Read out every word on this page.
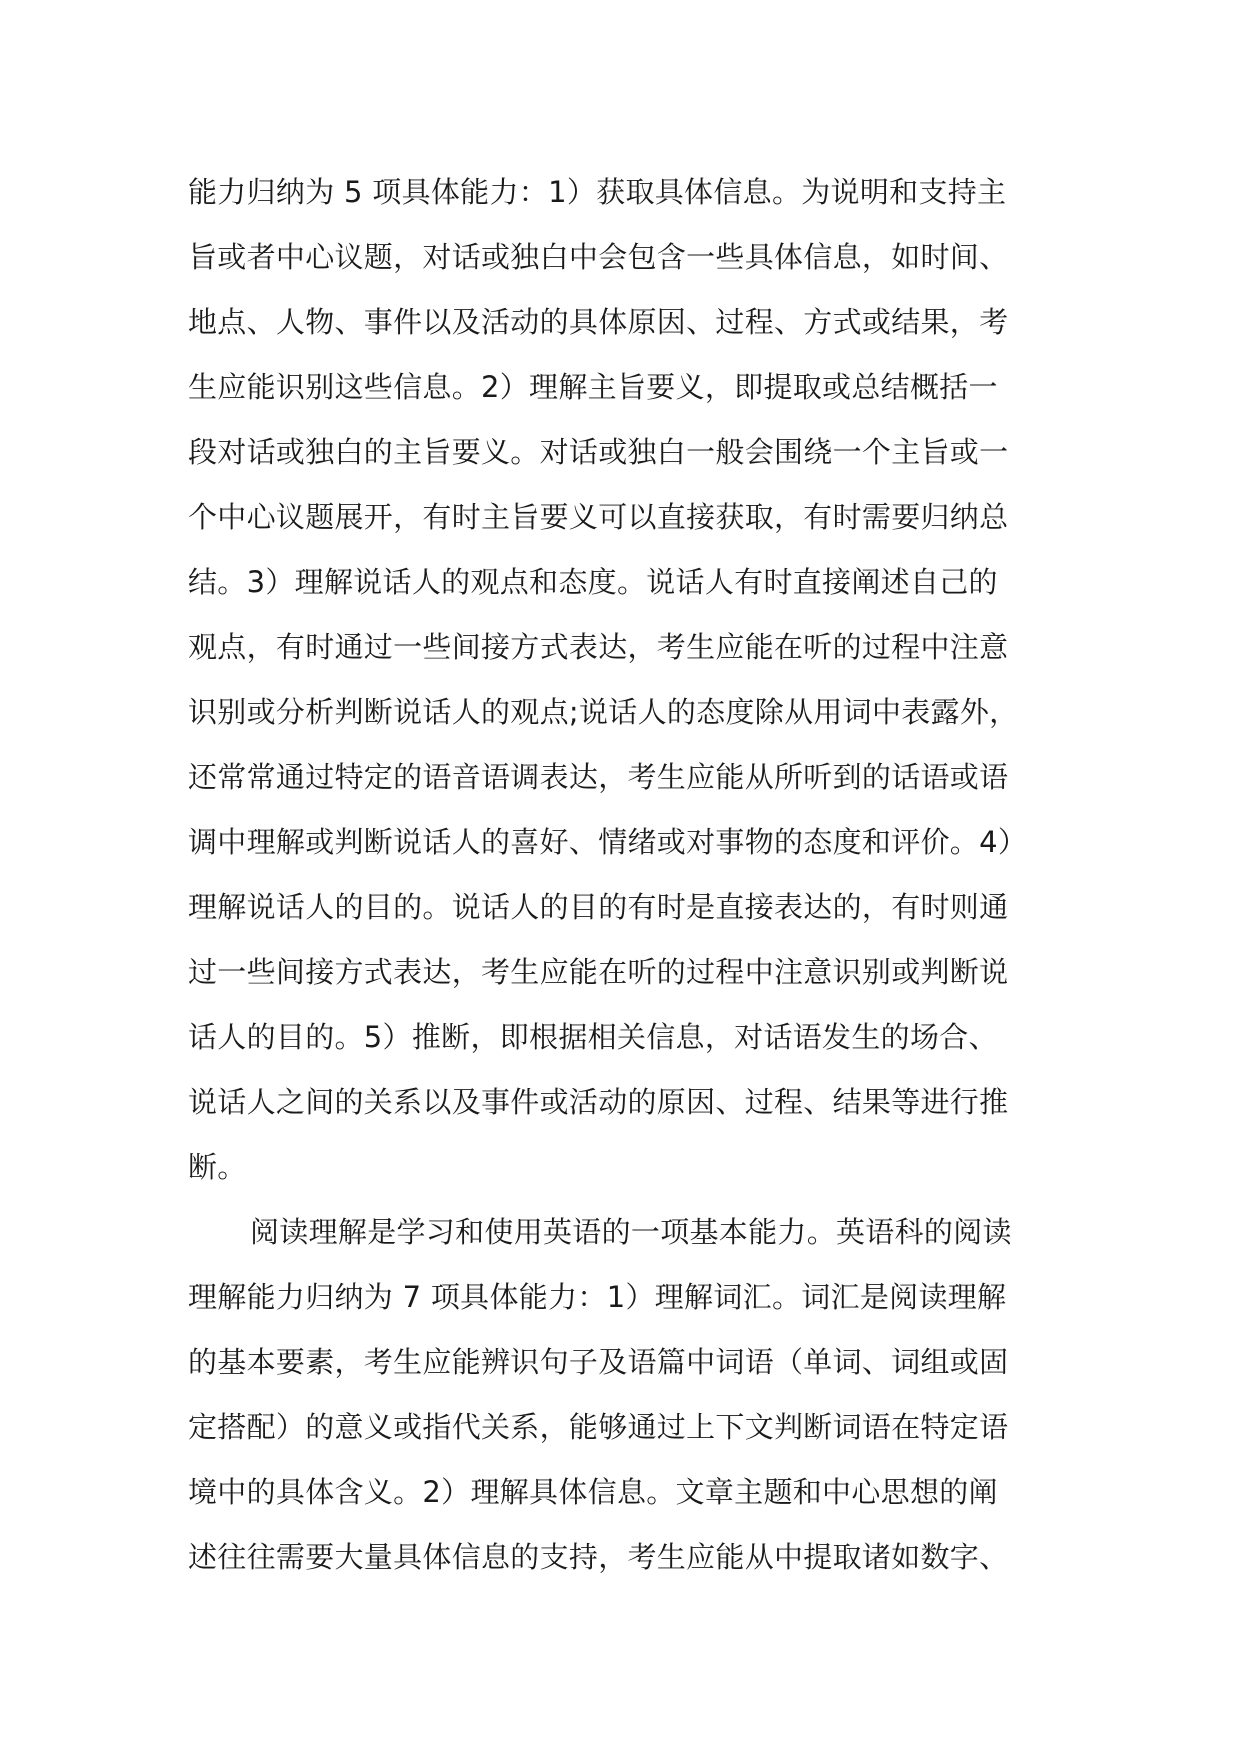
能力归纳为 5 项具体能力：1）获取具体信息。为说明和支持主
旨或者中心议题，对话或独白中会包含一些具体信息，如时间、
地点、人物、事件以及活动的具体原因、过程、方式或结果，考
生应能识别这些信息。2）理解主旨要义，即提取或总结概括一
段对话或独白的主旨要义。对话或独白一般会围绕一个主旨或一
个中心议题展开，有时主旨要义可以直接获取，有时需要归纳总
结。3）理解说话人的观点和态度。说话人有时直接阐述自己的
观点，有时通过一些间接方式表达，考生应能在听的过程中注意
识别或分析判断说话人的观点;说话人的态度除从用词中表露外，
还常常通过特定的语音语调表达，考生应能从所听到的话语或语
调中理解或判断说话人的喜好、情绪或对事物的态度和评价。4）
理解说话人的目的。说话人的目的有时是直接表达的，有时则通
过一些间接方式表达，考生应能在听的过程中注意识别或判断说
话人的目的。5）推断，即根据相关信息，对话语发生的场合、
说话人之间的关系以及事件或活动的原因、过程、结果等进行推
断。
阅读理解是学习和使用英语的一项基本能力。英语科的阅读
理解能力归纳为 7 项具体能力：1）理解词汇。词汇是阅读理解
的基本要素，考生应能辨识句子及语篇中词语（单词、词组或固
定搭配）的意义或指代关系，能够通过上下文判断词语在特定语
境中的具体含义。2）理解具体信息。文章主题和中心思想的阐
述往往需要大量具体信息的支持，考生应能从中提取诸如数字、
